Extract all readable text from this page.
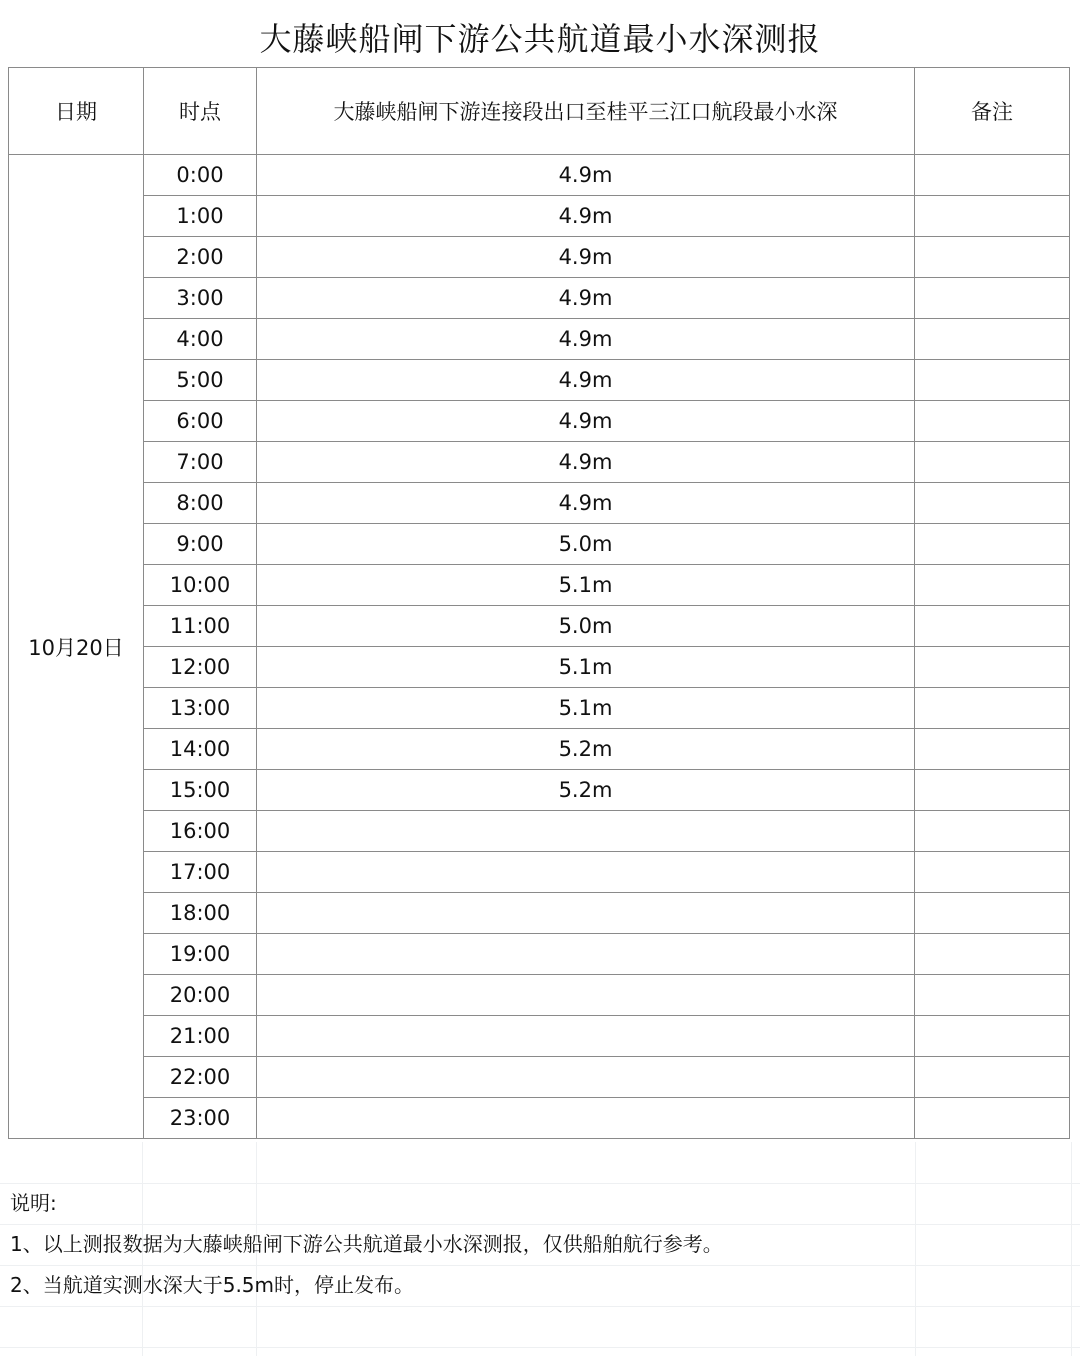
大藤峡船闸下游公共航道最小水深测报
日期	时点	大藤峡船闸下游连接段出口至桂平三江口航段最小水深	备注
10月20日	0:00	4.9m	
	1:00	4.9m	
	2:00	4.9m	
	3:00	4.9m	
	4:00	4.9m	
	5:00	4.9m	
	6:00	4.9m	
	7:00	4.9m	
	8:00	4.9m	
	9:00	5.0m	
	10:00	5.1m	
	11:00	5.0m	
	12:00	5.1m	
	13:00	5.1m	
	14:00	5.2m	
	15:00	5.2m	
	16:00		
	17:00		
	18:00		
	19:00		
	20:00		
	21:00		
	22:00		
	23:00		
说明:
1、以上测报数据为大藤峡船闸下游公共航道最小水深测报，仅供船舶航行参考。
2、当航道实测水深大于5.5m时，停止发布。
